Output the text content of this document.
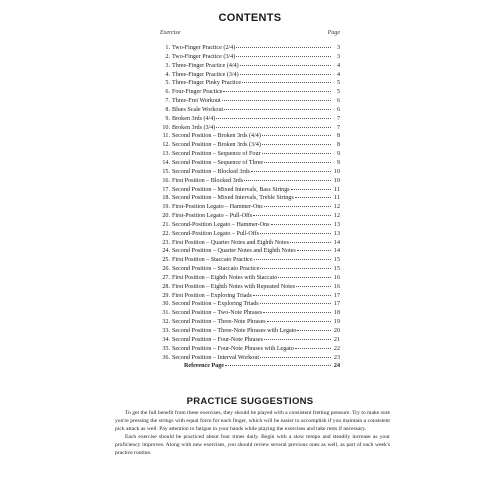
CONTENTS
Exercise	Page
1. Two-Finger Practice (2/4)	3
2. Two-Finger Practice (3/4)	3
3. Three-Finger Practice (4/4)	4
4. Three-Finger Practice (3/4)	4
5. Three-Finger Pinky Practice	5
6. Four-Finger Practice	5
7. Three-Fret Workout	6
8. Blues Scale Workout	6
9. Broken 3rds (4/4)	7
10. Broken 3rds (3/4)	7
11. Second Position – Broken 3rds (4/4)	8
12. Second Position – Broken 3rds (3/4)	8
13. Second Position – Sequence of Four	9
14. Second Position – Sequence of Three	9
15. Second Position – Blocked 3rds	10
16. First Position – Blocked 3rds	10
17. Second Position – Mixed Intervals, Bass Strings	11
18. Second Position – Mixed Intervals, Treble Strings	11
19. First-Position Legato – Hammer-Ons	12
20. First-Position Legato – Pull-Offs	12
21. Second-Position Legato – Hammer-Ons	13
22. Second-Position Legato – Pull-Offs	13
23. First Position – Quarter Notes and Eighth Notes	14
24. Second Position – Quarter Notes and Eighth Notes	14
25. First Position – Staccato Practice	15
26. Second Position – Staccato Practice	15
27. First Position – Eighth Notes with Staccato	16
28. First Position – Eighth Notes with Repeated Notes	16
29. First Position – Exploring Triads	17
30. Second Position – Exploring Triads	17
31. Second Position – Two-Note Phrases	18
32. Second Position – Three-Note Phrases	19
33. Second Position – Three-Note Phrases with Legato	20
34. Second Position – Four-Note Phrases	21
35. Second Position – Four-Note Phrases with Legato	22
36. Second Position – Interval Workout	23
Reference Page	24
PRACTICE SUGGESTIONS

To get the full benefit from these exercises, they should be played with a consistent fretting pressure. Try to make sure you're pressing the strings with equal force for each finger, which will be easier to accomplish if you maintain a consistent pick attack as well. Pay attention to fatigue in your hands while playing the exercises and take rests if necessary.

Each exercise should be practiced about four times daily. Begin with a slow tempo and steadily increase as your proficiency improves. Along with new exercises, you should review several previous ones as well, as part of each week's practice routine.
